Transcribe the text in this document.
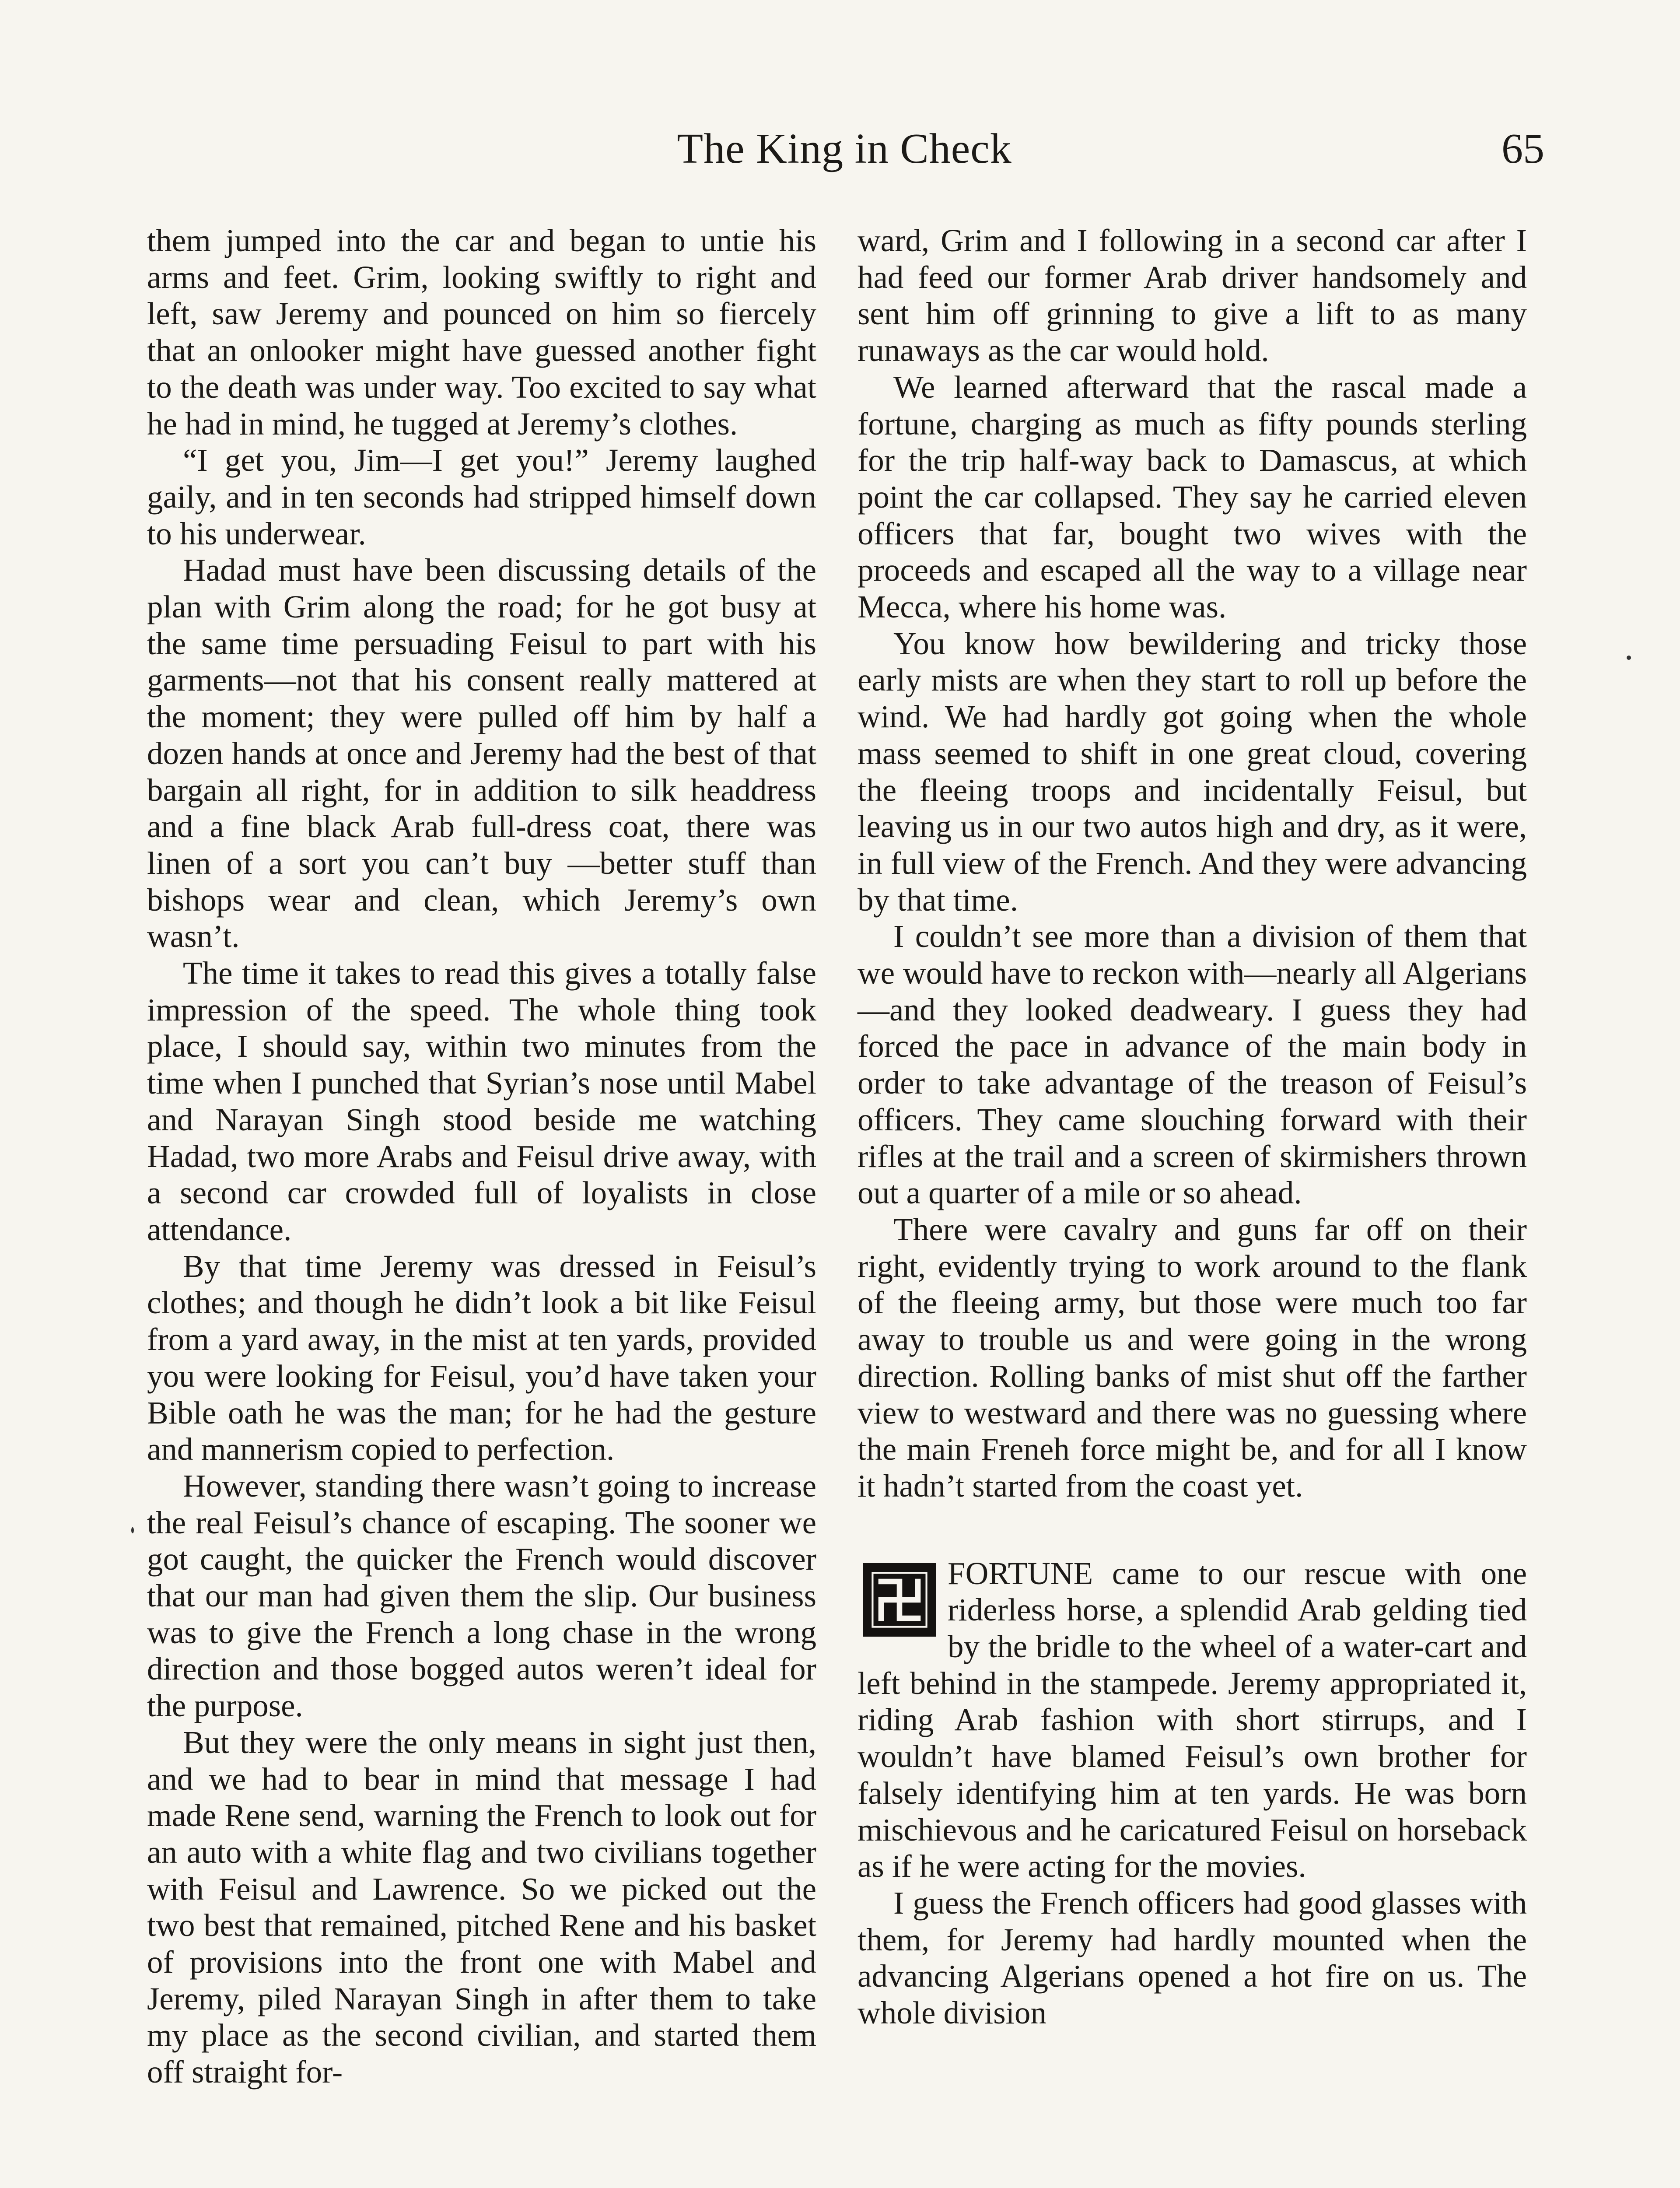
The King in Check	65

them jumped into the car and began to untie his arms and feet. Grim, looking swiftly to right and left, saw Jeremy and pounced on him so fiercely that an onlooker might have guessed another fight to the death was under way. Too excited to say what he had in mind, he tugged at Jeremy’s clothes.

“I get you, Jim—I get you!” Jeremy laughed gaily, and in ten seconds had stripped himself down to his underwear.

Hadad must have been discussing details of the plan with Grim along the road; for he got busy at the same time persuading Feisul to part with his garments—not that his consent really mattered at the moment; they were pulled off him by half a dozen hands at once and Jeremy had the best of that bargain all right, for in addition to silk headdress and a fine black Arab full-dress coat, there was linen of a sort you can’t buy —better stuff than bishops wear and clean, which Jeremy’s own wasn’t.

The time it takes to read this gives a totally false impression of the speed. The whole thing took place, I should say, within two minutes from the time when I punched that Syrian’s nose until Mabel and Narayan Singh stood beside me watching Hadad, two more Arabs and Feisul drive away, with a second car crowded full of loyalists in close attendance.

By that time Jeremy was dressed in Feisul’s clothes; and though he didn’t look a bit like Feisul from a yard away, in the mist at ten yards, provided you were looking for Feisul, you’d have taken your Bible oath he was the man; for he had the gesture and mannerism copied to perfection.

However, standing there wasn’t going to increase the real Feisul’s chance of escaping. The sooner we got caught, the quicker the French would discover that our man had given them the slip. Our business was to give the French a long chase in the wrong direction and those bogged autos weren’t ideal for the purpose.

But they were the only means in sight just then, and we had to bear in mind that message I had made Rene send, warning the French to look out for an auto with a white flag and two civilians together with Feisul and Lawrence. So we picked out the two best that remained, pitched Rene and his basket of provisions into the front one with Mabel and Jeremy, piled Narayan Singh in after them to take my place as the second civilian, and started them off straight for-

ward, Grim and I following in a second car after I had feed our former Arab driver handsomely and sent him off grinning to give a lift to as many runaways as the car would hold.

We learned afterward that the rascal made a fortune, charging as much as fifty pounds sterling for the trip half-way back to Damascus, at which point the car collapsed. They say he carried eleven officers that far, bought two wives with the proceeds and escaped all the way to a village near Mecca, where his home was.

You know how bewildering and tricky those early mists are when they start to roll up before the wind. We had hardly got going when the whole mass seemed to shift in one great cloud, covering the fleeing troops and incidentally Feisul, but leaving us in our two autos high and dry, as it were, in full view of the French. And they were advancing by that time.

I couldn’t see more than a division of them that we would have to reckon with—nearly all Algerians—and they looked deadweary. I guess they had forced the pace in advance of the main body in order to take advantage of the treason of Feisul’s officers. They came slouching forward with their rifles at the trail and a screen of skirmishers thrown out a quarter of a mile or so ahead.

There were cavalry and guns far off on their right, evidently trying to work around to the flank of the fleeing army, but those were much too far away to trouble us and were going in the wrong direction. Rolling banks of mist shut off the farther view to westward and there was no guessing where the main Freneh force might be, and for all I know it hadn’t started from the coast yet.

FORTUNE came to our rescue with one riderless horse, a splendid Arab gelding tied by the bridle to the wheel of a water-cart and left behind in the stampede. Jeremy appropriated it, riding Arab fashion with short stirrups, and I wouldn’t have blamed Feisul’s own brother for falsely identifying him at ten yards. He was born mischievous and he caricatured Feisul on horseback as if he were acting for the movies.

I guess the French officers had good glasses with them, for Jeremy had hardly mounted when the advancing Algerians opened a hot fire on us. The whole division
